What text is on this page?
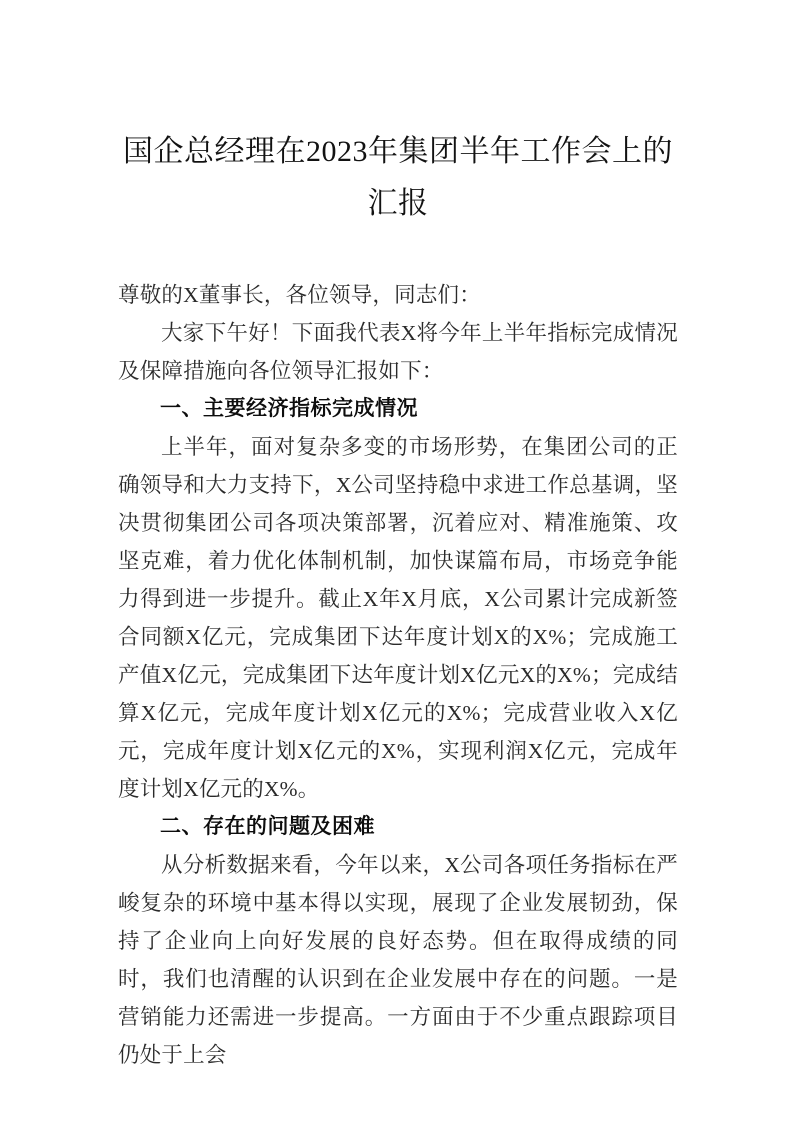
国企总经理在2023年集团半年工作会上的汇报

尊敬的X董事长，各位领导，同志们：

大家下午好！下面我代表X将今年上半年指标完成情况及保障措施向各位领导汇报如下：

一、主要经济指标完成情况

上半年，面对复杂多变的市场形势，在集团公司的正确领导和大力支持下，X公司坚持稳中求进工作总基调，坚决贯彻集团公司各项决策部署，沉着应对、精准施策、攻坚克难，着力优化体制机制，加快谋篇布局，市场竞争能力得到进一步提升。截止X年X月底，X公司累计完成新签合同额X亿元，完成集团下达年度计划X的X%；完成施工产值X亿元，完成集团下达年度计划X亿元X的X%；完成结算X亿元，完成年度计划X亿元的X%；完成营业收入X亿元，完成年度计划X亿元的X%，实现利润X亿元，完成年度计划X亿元的X%。

二、存在的问题及困难

从分析数据来看，今年以来，X公司各项任务指标在严峻复杂的环境中基本得以实现，展现了企业发展韧劲，保持了企业向上向好发展的良好态势。但在取得成绩的同时，我们也清醒的认识到在企业发展中存在的问题。一是营销能力还需进一步提高。一方面由于不少重点跟踪项目仍处于上会
